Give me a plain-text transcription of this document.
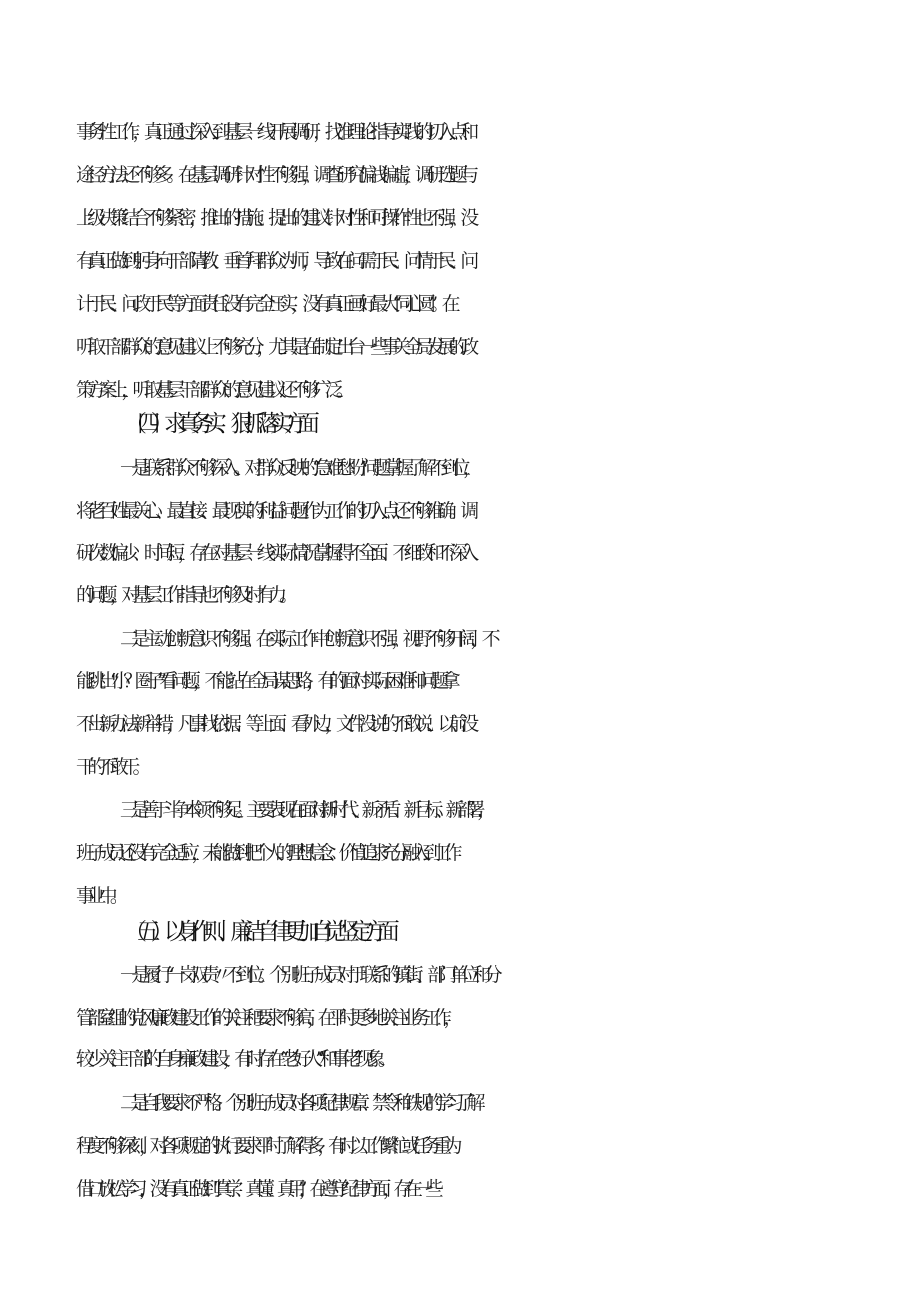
事务性工作，真正通过深入到基层一线开展调研，找准理论指导实践的切入点和
途径方法还不够多。在基层调研针对性不够强，调查研究偏浅偏虚，调研选题与
上级决策结合不够紧密，推出的措施、提出的建议针对性和可操作性也不强，没
有真正做到躬身向干部请教、垂首拜群众为师，导致在问需于民、问情于民、问
计于民、问政于民等方面责任没有完全压实，没有真正画好最大“同心圆”。在
听取干部群众的意见建议上不够充分，尤其是在制定出台一些事关全局发展的政
策方案上，听取基层干部群众的意见建议还不够广泛。
（四）求真务实、狠抓落实方面
一是联系群众不够深入。对群众反映的“急难愁盼”问题掌握了解不到位，
将老百姓最关心、最直接、最现实的利益问题作为工作的切入点还不够准确。调
研次数偏少、时间短，存在对基层一线实际情况掌握得不全面、不细致和不深入
的问题，对基层工作指导也不够及时有力。
二是主动创新意识不够强。在实际工作中创新意识不强，视野不够开阔，不
能跳出“小？圈子”看问题，不能站在全局谋思路，有的面对实际困难和问题拿
不出新办法新举措，凡事找依据、等上面、看外边，文件没说的不敢说、以前没
干的不敢干。
三是善于斗争本领不够足。主要表现在面对新时代、新矛盾、新目标、新部署，
班子成员还没有完全适应，未能做到把个人的理想信念、价值追求充分融入到工作
事业中。
（五）以身作则、廉洁自律更加自觉坚定方面
一是履行“一岗双责〃不到位。个别班子成员对于联系的镇街、部门单位和分
管部室组的党风廉政建设工作的关注和要求不够高，在平时更多地关注业务工作，
较少关注干部的自身廉政建设，有时存在“老好人”“和事佬”现象。
二是自我要求不严格。个别班子成员对各项纪律规章、禁令和铁规的学习了解
程度不够深刻，对各项规定的执行要求平时了解得多，有时以工作繁忙或任务重为
借口放松学习，没有真正做到“真学、真懂、真用”，在遵守纪律方面，存在一些
